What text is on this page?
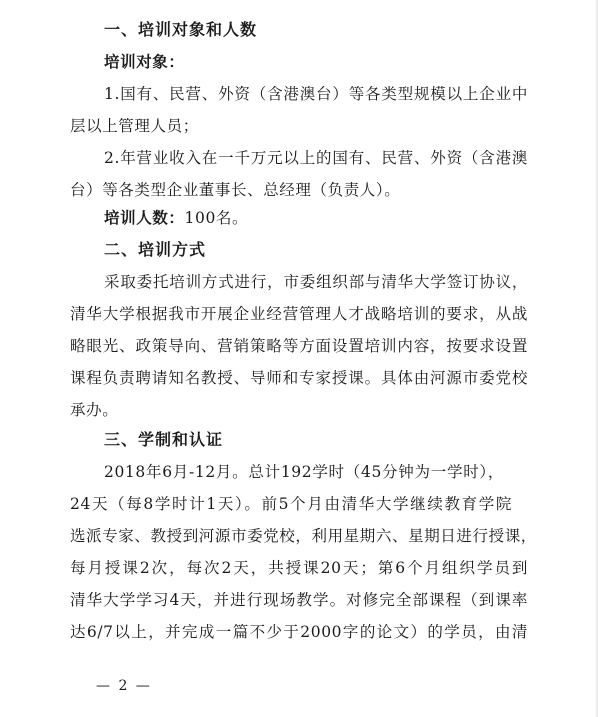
一、培训对象和人数
培训对象：
1.国有、民营、外资（含港澳台）等各类型规模以上企业中
层以上管理人员；
2.年营业收入在一千万元以上的国有、民营、外资（含港澳
台）等各类型企业董事长、总经理（负责人）。
培训人数：100名。
二、培训方式
采取委托培训方式进行，市委组织部与清华大学签订协议，
清华大学根据我市开展企业经营管理人才战略培训的要求，从战
略眼光、政策导向、营销策略等方面设置培训内容，按要求设置
课程负责聘请知名教授、导师和专家授课。具体由河源市委党校
承办。
三、学制和认证
2018年6月-12月。总计192学时（45分钟为一学时），
24天（每8学时计1天）。前5个月由清华大学继续教育学院
选派专家、教授到河源市委党校，利用星期六、星期日进行授课，
每月授课2次，每次2天，共授课20天；第6个月组织学员到
清华大学学习4天，并进行现场教学。对修完全部课程（到课率
达6/7以上，并完成一篇不少于2000字的论文）的学员，由清
— 2 —
